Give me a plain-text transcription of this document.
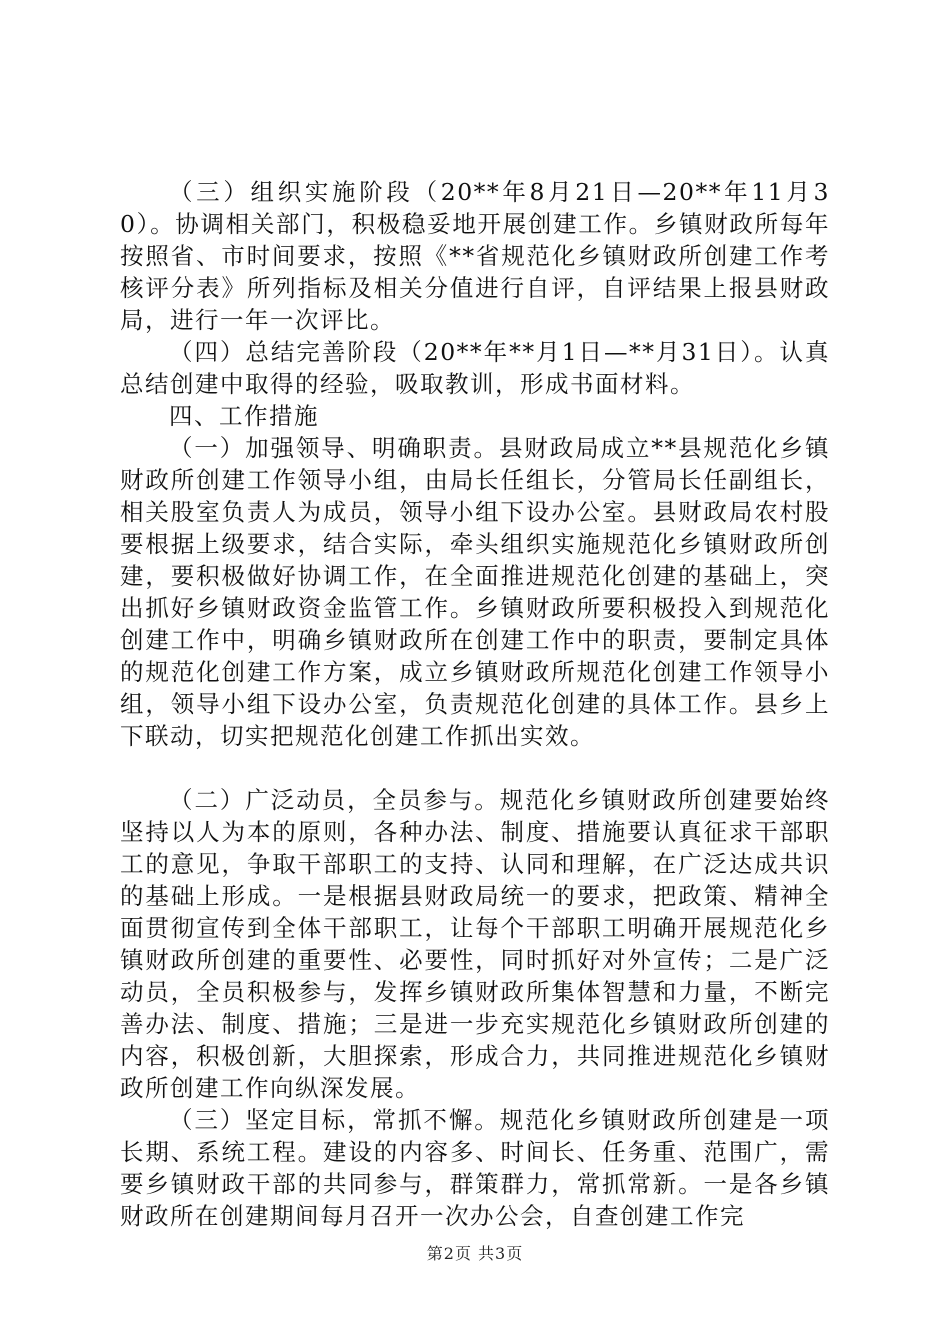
（三）组织实施阶段（20**年8月21日—20**年11月30）。协调相关部门，积极稳妥地开展创建工作。乡镇财政所每年按照省、市时间要求，按照《**省规范化乡镇财政所创建工作考核评分表》所列指标及相关分值进行自评，自评结果上报县财政局，进行一年一次评比。

（四）总结完善阶段（20**年**月1日—**月31日）。认真总结创建中取得的经验，吸取教训，形成书面材料。

四、工作措施

（一）加强领导、明确职责。县财政局成立**县规范化乡镇财政所创建工作领导小组，由局长任组长，分管局长任副组长，相关股室负责人为成员，领导小组下设办公室。县财政局农村股要根据上级要求，结合实际，牵头组织实施规范化乡镇财政所创建，要积极做好协调工作，在全面推进规范化创建的基础上，突出抓好乡镇财政资金监管工作。乡镇财政所要积极投入到规范化创建工作中，明确乡镇财政所在创建工作中的职责，要制定具体的规范化创建工作方案，成立乡镇财政所规范化创建工作领导小组，领导小组下设办公室，负责规范化创建的具体工作。县乡上下联动，切实把规范化创建工作抓出实效。

（二）广泛动员，全员参与。规范化乡镇财政所创建要始终坚持以人为本的原则，各种办法、制度、措施要认真征求干部职工的意见，争取干部职工的支持、认同和理解，在广泛达成共识的基础上形成。一是根据县财政局统一的要求，把政策、精神全面贯彻宣传到全体干部职工，让每个干部职工明确开展规范化乡镇财政所创建的重要性、必要性，同时抓好对外宣传；二是广泛动员，全员积极参与，发挥乡镇财政所集体智慧和力量，不断完善办法、制度、措施；三是进一步充实规范化乡镇财政所创建的内容，积极创新，大胆探索，形成合力，共同推进规范化乡镇财政所创建工作向纵深发展。

（三）坚定目标，常抓不懈。规范化乡镇财政所创建是一项长期、系统工程。建设的内容多、时间长、任务重、范围广，需要乡镇财政干部的共同参与，群策群力，常抓常新。一是各乡镇财政所在创建期间每月召开一次办公会，自查创建工作完

第2页 共3页
